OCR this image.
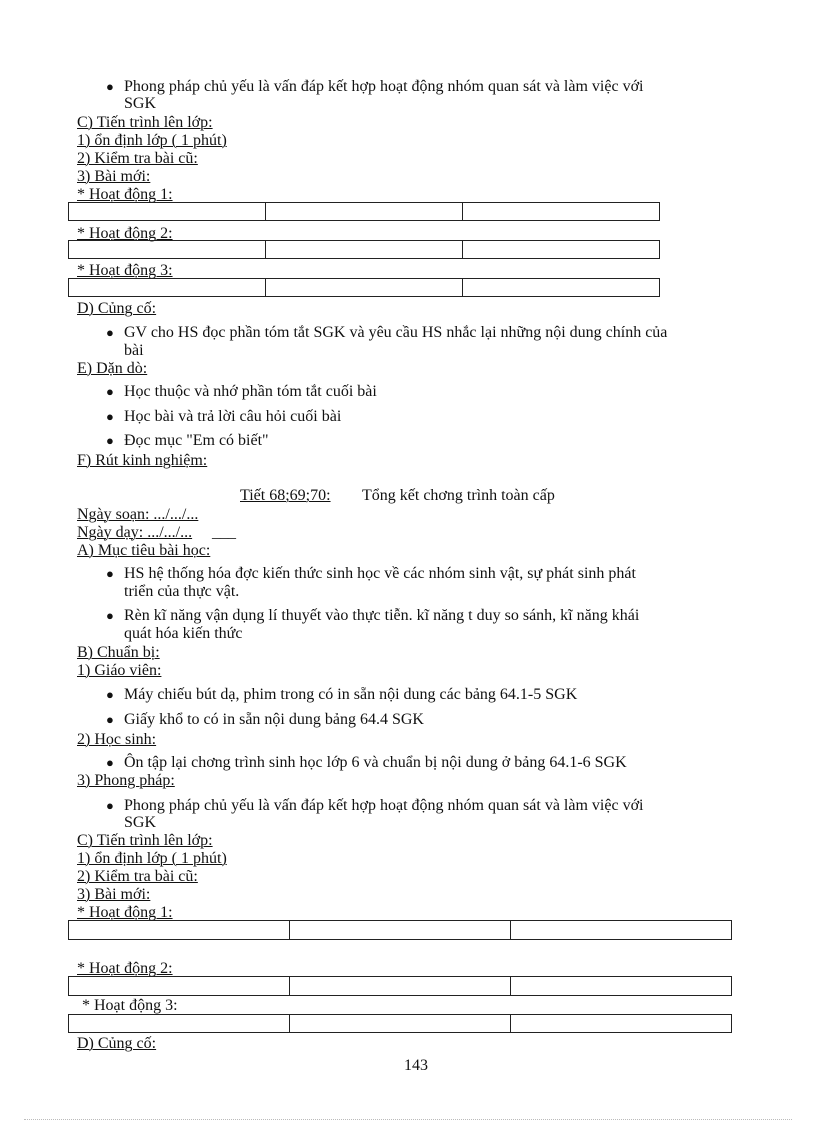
● Phong pháp chủ yếu là vấn đáp kết hợp hoạt động nhóm quan sát và làm việc với
SGK
C) Tiến trình lên lớp:
1) ổn định lớp ( 1 phút)
2) Kiểm tra bài cũ:
3) Bài mới:
* Hoạt động 1:
* Hoạt động 2:
* Hoạt động 3:
D) Củng cố:
● GV cho HS đọc phần tóm tắt SGK và yêu cầu HS nhắc lại những nội dung chính của
bài
E) Dặn dò:
● Học thuộc và nhớ phần tóm tắt cuối bài
● Học bài và trả lời câu hỏi cuối bài
● Đọc mục "Em có biết"
F) Rút kinh nghiệm:
Tiết 68;69;70: Tổng kết chơng trình toàn cấp
Ngày soạn: .../.../...
Ngày dạy: .../.../... ___
A) Mục tiêu bài học:
● HS hệ thống hóa đợc kiến thức sinh học về các nhóm sinh vật, sự phát sinh phát
triển của thực vật.
● Rèn kĩ năng vận dụng lí thuyết vào thực tiễn. kĩ năng t duy so sánh, kĩ năng khái
quát hóa kiến thức
B) Chuẩn bị:
1) Giáo viên:
● Máy chiếu bút dạ, phim trong có in sẵn nội dung các bảng 64.1-5 SGK
● Giấy khổ to có in sẵn nội dung bảng 64.4 SGK
2) Học sinh:
● Ôn tập lại chơng trình sinh học lớp 6 và chuẩn bị nội dung ở bảng 64.1-6 SGK
3) Phong pháp:
● Phong pháp chủ yếu là vấn đáp kết hợp hoạt động nhóm quan sát và làm việc với
SGK
C) Tiến trình lên lớp:
1) ổn định lớp ( 1 phút)
2) Kiểm tra bài cũ:
3) Bài mới:
* Hoạt động 1:
* Hoạt động 2:
* Hoạt động 3:
D) Củng cố:
143
